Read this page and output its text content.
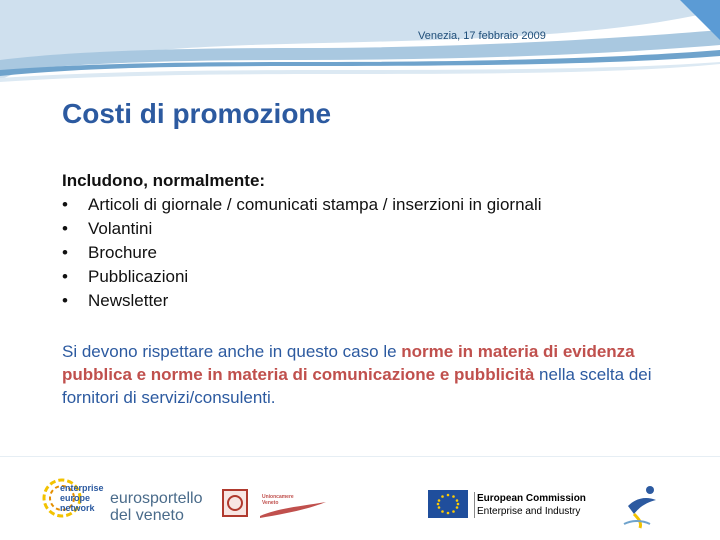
Venezia, 17 febbraio 2009
Costi di promozione
Includono, normalmente:
•	Articoli di giornale / comunicati stampa / inserzioni in giornali
•	Volantini
•	Brochure
•	Pubblicazioni
•	Newsletter
Si devono rispettare anche in questo caso le norme in materia di evidenza pubblica e norme in materia di comunicazione e pubblicità nella scelta dei fornitori di servizi/consulenti.
enterprise
europe
network
eurosportello
del veneto
Unioncamere Veneto	European Commission
Enterprise and Industry
